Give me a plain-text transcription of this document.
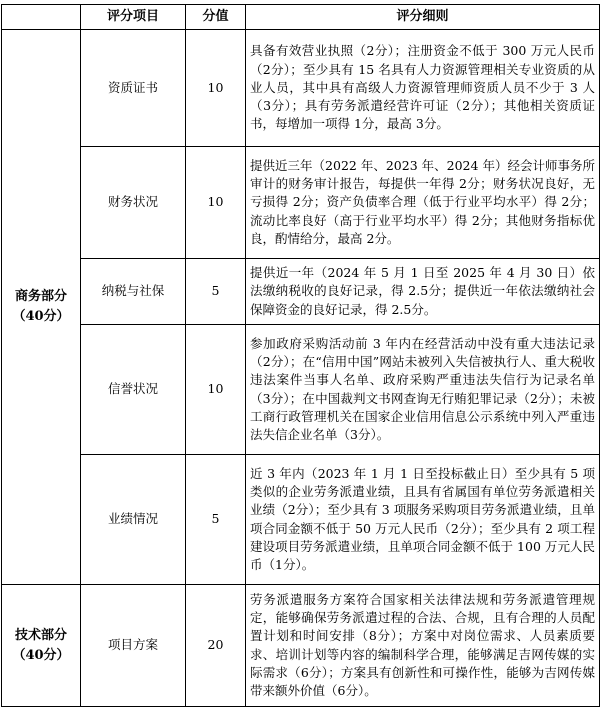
	评分项目	分值	评分细则

商务部分
（40分）	资质证书	10	具备有效营业执照（2分）；注册资金不低于 300 万元人民币（2分）；至少具有 15 名具有人力资源管理相关专业资质的从业人员，其中具有高级人力资源管理师资质人员不少于 3 人（3分）；具有劳务派遣经营许可证（2分）；其他相关资质证书，每增加一项得 1分，最高 3分。
	财务状况	10	提供近三年（2022 年、2023 年、2024 年）经会计师事务所审计的财务审计报告，每提供一年得 2分；财务状况良好，无亏损得 2分；资产负债率合理（低于行业平均水平）得 2分；流动比率良好（高于行业平均水平）得 2分；其他财务指标优良，酌情给分，最高 2分。
	纳税与社保	5	提供近一年（2024 年 5 月 1 日至 2025 年 4 月 30 日）依法缴纳税收的良好记录，得 2.5分；提供近一年依法缴纳社会保障资金的良好记录，得 2.5分。
	信誉状况	10	参加政府采购活动前 3 年内在经营活动中没有重大违法记录（2分）；在“信用中国”网站未被列入失信被执行人、重大税收违法案件当事人名单、政府采购严重违法失信行为记录名单（3分）；在中国裁判文书网查询无行贿犯罪记录（2分）；未被工商行政管理机关在国家企业信用信息公示系统中列入严重违法失信企业名单（3分）。
	业绩情况	5	近 3 年内（2023 年 1 月 1 日至投标截止日）至少具有 5 项类似的企业劳务派遣业绩，且具有省属国有单位劳务派遣相关业绩（2分）；至少具有 3 项服务采购项目劳务派遣业绩，且单项合同金额不低于 50 万元人民币（2分）；至少具有 2 项工程建设项目劳务派遣业绩，且单项合同金额不低于 100 万元人民币（1分）。

技术部分
（40分）	项目方案	20	劳务派遣服务方案符合国家相关法律法规和劳务派遣管理规定，能够确保劳务派遣过程的合法、合规，且有合理的人员配置计划和时间安排（8分）；方案中对岗位需求、人员素质要求、培训计划等内容的编制科学合理，能够满足吉网传媒的实际需求（6分）；方案具有创新性和可操作性，能够为吉网传媒带来额外价值（6分）。
